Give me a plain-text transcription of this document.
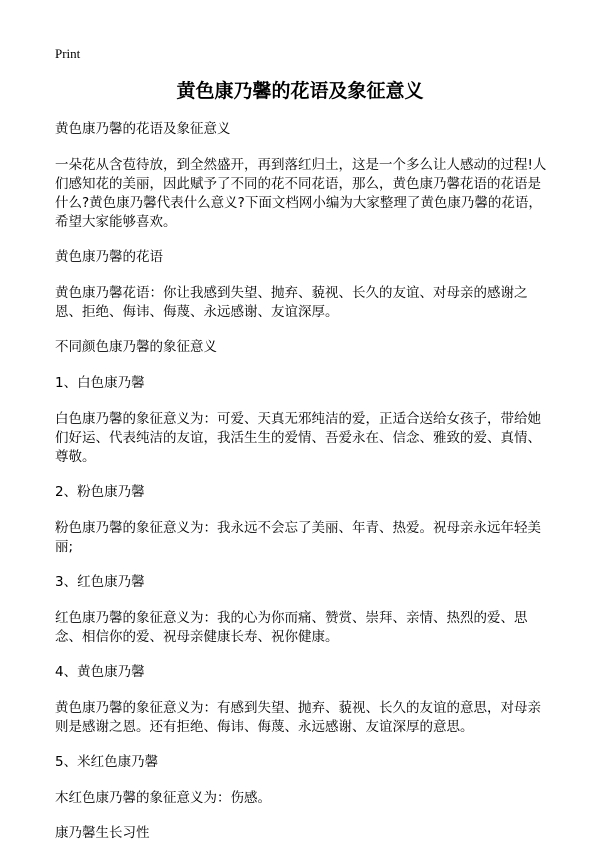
Print
黄色康乃馨的花语及象征意义

黄色康乃馨的花语及象征意义

一朵花从含苞待放，到全然盛开，再到落红归土，这是一个多么让人感动的过程!人们感知花的美丽，因此赋予了不同的花不同花语，那么，黄色康乃馨花语的花语是什么?黄色康乃馨代表什么意义?下面文档网小编为大家整理了黄色康乃馨的花语，希望大家能够喜欢。

黄色康乃馨的花语

黄色康乃馨花语：你让我感到失望、抛弃、藐视、长久的友谊、对母亲的感谢之恩、拒绝、侮讳、侮蔑、永远感谢、友谊深厚。

不同颜色康乃馨的象征意义

1、白色康乃馨

白色康乃馨的象征意义为：可爱、天真无邪纯洁的爱，正适合送给女孩子，带给她们好运、代表纯洁的友谊，我活生生的爱情、吾爱永在、信念、雅致的爱、真情、尊敬。

2、粉色康乃馨

粉色康乃馨的象征意义为：我永远不会忘了美丽、年青、热爱。祝母亲永远年轻美丽;

3、红色康乃馨

红色康乃馨的象征意义为：我的心为你而痛、赞赏、崇拜、亲情、热烈的爱、思念、相信你的爱、祝母亲健康长寿、祝你健康。

4、黄色康乃馨

黄色康乃馨的象征意义为：有感到失望、抛弃、藐视、长久的友谊的意思，对母亲则是感谢之恩。还有拒绝、侮讳、侮蔑、永远感谢、友谊深厚的意思。

5、米红色康乃馨

木红色康乃馨的象征意义为：伤感。

康乃馨生长习性
